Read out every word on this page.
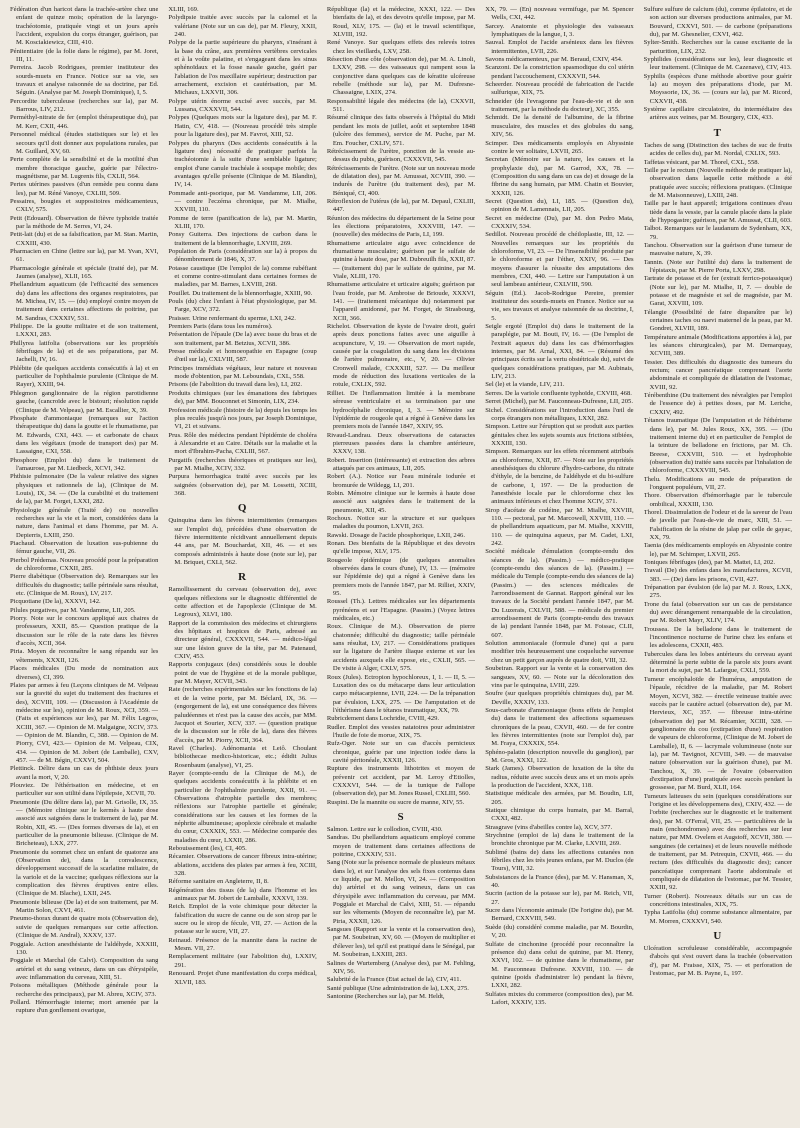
Fédération d'un haricot dans la trachée-artère chez une enfant de quinze mois; opération de la laryngo-trachéotomie, pratiquée vingt et un jours après l'accident, expulsion du corps étranger, guérison, par M. Kosciakiewicz, CIII, 410.

Pénitentiaire (de la folie dans le régime), par M. Joret, III, 11.

Perreira. Jacob Rodrigues, premier instituteur des sourds-muets en France. Notice sur sa vie, ses travaux et analyse raisonnée de sa doctrine, par Ed. Séguin. (Analyse par M. Joseph Dominique), I, 5.

Percordite tuberculeuse (recherches sur la), par M. Barrous, LIV, 212.

Perméthyl-nitrate de fer (emploi thérapeutique du), par M. Kerr, CXII, 446.

Personnel médical (études statistiques sur le) et les secours qu'il doit donner aux populations rurales, par M. Guillard, XV, 60.

Perte complète de la sensibilité et de la motilité d'un membre thoracique gauche, guérie par l'électro-magnétisme, par M. Lugrenis fils, CXLII, 564.

Pertes utérines passives (d'un remède peu connu dans les), par M. Réné Vanoye, CXLIII, 509.

Pessaires, bougies et suppositoires médicamenteux, CXLV, 575.

Petit (Edouard). Observation de fièvre typhoïde traitée par la méthode de M. Serres, VI, 24.

Petit-lait (du) et de sa falsification, par M. Stan. Martin, CXXIII, 430.

Pharmacien en Chine (lettre sur la), par M. Yvan, XVI, 61.

Pharmacologie générale et spéciale (traité de), par M. Jaumes (analyse), XLII, 165.

Phellandrium aquaticum (de l'efficacité des semences du) dans les affections des organes respiratoires, par M. Michea, IV, 15. — (du) employé contre moyen de traitement dans certaines affections de poitrine, par M. Sandras, CXXXIV, 531.

Philippe. De la goutte militaire et de son traitement, LXXXI, 283.

Phillyrea latifolia (observations sur les propriétés fébrifuges de la) et de ses préparations, par M. Jachelli, IV, 16.

Phlébite (de quelques accidents consécutifs à la) et en particulier de l'ophthalmie purulente (Clinique de M. Rayer), XXIII, 94.

Phlegmon ganglionnaire de la région parotidienne gauche, (cancroïde avec le bistouri; résolution rapide (Clinique de M. Velpeau), par M. Escallier, X, 39.

Phosphate d'ammoniaque (remarques sur l'action thérapeutique du) dans la goutte et le rhumatisme, par M. Edwards, CXI, 443. — et carbonate de chaux dans les végétaux (mode de transport des) par M. Lassaigne, CXI, 558.

Phosphore (Emploi du) dans le traitement de l'amaurose, par M. Liedbeck, XCVI, 342.

Phthisie pulmonaire (De la valeur relative des signes physiques et rationnels de la), (Clinique de M. Louis), IX, 34. — (De la curabilité et du traitement de la), par M. Forget, LXXI, 282.

Physiologie générale (Traité de) ou nouvelles recherches sur la vie et la mort, considérées dans la nature, dans l'animal et dans l'homme, par M. A. Depierris, LXIII, 250.

Piachaud. Observation de luxation sus-pubienne du fémur gauche, VII, 26.

Pierbol Prédemas. Nouveau procédé pour la préparation de chloroforme, CXXII, 285.

Pierre diabétique (Observation de). Remarques sur les difficultés du diagnostic; taille périnéale sans résultat, etc. (Clinique de M. Roux), LV, 217.

Picquotiane (De la), XXXVI, 142.

Pilules purgatives, par M. Vandamme, LII, 205.

Piorry. Note sur le concours appliqué aux chaires de professeurs, XXII, 85.— Question pratique de la discussion sur le rôle de la rate dans les fièvres d'accès, XCII, 364.

Piria. Moyen de reconnaître le sang répandu sur les vêtements, XXXII, 126.

Places médicales (Du mode de nomination aux diverses), CI, 399.

Plaies par armes à feu (Leçons cliniques de M. Velpeau sur la gravité du sujet du traitement des fractures et des), XCVIII, 109. — (Discussion à l'Académie de médecine sur les), opinion de M. Roux, XCI, 359. — (Faits et expériences sur les), par M. Félix Legros, XCIII, 367. — Opinion de M. Malgaigne, XCIV, 373. — Opinion de M. Blandin, C, 388. — Opinion de M. Piorry, CVI, 423.— Opinion de M. Velpeau, CIX, 434. — Opinion de M. Jobert (de Lamballe), CXV, 457. — de M. Bégin, CXXVI, 504.

Plettinck. Délire dans un cas de phthisie deux jours avant la mort, V, 20.

Plouviez. De l'éthérisation en médecine, et en particulier sur son utilité dans l'épilepsie, XCVII, 70.

Pneumonie (Du délire dans la), par M. Grisolle, IX, 35. — (Mémoire clinique sur le kermès à haute dose associé aux saignées dans le traitement de la), par M. Robin, XII, 45. — (Des formes diverses de la), et en particulier de la pneumonie bilieuse. (Clinique de M. Bricheteau), LXX, 277.

Pneumonie du sommet chez un enfant de quatorze ans (Observation de), dans la convalescence, développement successif de la scarlatine miliaire, de la variole et de la vaccine; quelques réflexions sur la complication des fièvres éruptives entre elles. (Clinique de M. Blache), LXII, 245.

Pneumonie bilieuse (De la) et de son traitement, par M. Martin Solon, CXVI, 461.

Pneumo-thorax durant de quatre mois (Observation de), suivie de quelques remarques sur cette affection. (Clinique de M. Andral), XXXV, 137.

Poggiale. Action anesthésiante de l'aldéhyde, XXXIII, 130.

Poggiale et Marchal (de Calvi). Composition du sang artériel et du sang veineux, dans un cas d'érysipèle, avec inflammation du cerveau, XIII, 51.

Poisons métalliques (Méthode générale pour la recherche des principaux), par M. Abreu, XCIV, 373.

Pollard. Hémorrhagie interne; mort amenée par la rupture d'un gonflement ovarique,

XLIII, 169.

Polydipsie traitée avec succès par la calomel et la valériane (Note sur un cas de), par M. Fleury, XXII, 240.

Polype de la partie supérieure du pharynx, s'insérant à la base du crâne, aux premières vertèbres cervicales et à la voûte palatine, et s'engageant dans les sinus sphénoïdaux et la fosse nasale gauche, guéri par l'ablation de l'os maxillaire supérieur; destruction par arrachement, excision et cautérisation, par M. Michaux, LXXVII, 306.

Polype utérin énorme excisé avec succès, par M. Lussana, CXXXVII, 544.

Polypes (Quelques mots sur la ligature des), par M. F. Hatin, CV, 418. — (Nouveau procédé très simple pour la ligature des), par M. Favrot, XIII, 52.

Polypes du pharynx (Des accidents consécutifs à la ligature des) nécessité de pratiquer parfois la trachéotomie à la suite d'une semblable ligature; emploi d'une canule trachéale à soupape mobile; des avantages qu'elle présente (Clinique de M. Blandin), IV, 14.

Pommade anti-psorique, par M. Vandamme, LII, 206. — contre l'eczéma chronique, par M. Mialhe, XXVIII, 110.

Pomme de terre (panification de la), par M. Martin, XLIII, 170.

Ponsy Guiterra. Des injections de carbon dans le traitement de la blennorrhagie, LXVIII, 269.

Population de Paris (considération sur la) à propos du dénombrement de 1846, X, 37.

Potasse caustique (De l'emploi de la) comme rubéfiant et comme contre-stimulant dans certaines formes de maladies, par M. Barnes, LXVIII, 268.

Pouillet. Du traitement de la blennorrhagie, XXIII, 90.

Pouls (du) chez l'enfant à l'état physiologique, par M. Farge, XCV, 372.

Praisser. Urine renfermant du sperme, LXI, 242.

Premiers Paris (dans tous les numéros).

Présentation de l'épaule (De la) avec issue du bras et de son traitement, par M. Betzius, XCVII, 386.

Presse médicale et homoeopathie en Espagne (coup d'œil sur la), CXLVIII, 587.

Principes immédiats végétaux, leur nature et nouveau mode d'obtention, par M. Leboundais, CXL, 558.

Prisons (de l'abolition du travail dans les), LI, 202.

Produits chimiques (sur les émanations des fabriques de), par MM. Bouconnet et Simonin, LIX, 234.

Profession médicale (histoire de la) depuis les temps les plus reculés jusqu'à nos jours, par Joseph Dominique, VI, 21 et suivans.

Prus. Rôle des médecins pendant l'épidémie de choléra à Alexandrie et au Caire. Détails sur la maladie et la mort d'Ibrahim-Pacha, CXLIII, 567.

Purgatifs (recherches théoriques et pratiques sur les), par M. Mialhe, XCIV, 332.

Purpura hemorrhagica traité avec succès par les saignées (observation de), par M. Lossetti, XCIII, 368.

Q

Quinquina dans les fièvres intermittentes (remarques sur l'emploi du), précédées d'une observation de fièvre intermittente récidivant annuellement depuis 44 ans, par M. Bouchardat, XII, 46. — et ses composés administrés à haute dose (note sur le), par M. Briquet, CXLI, 562.

R

Ramollissement du cerveau (observation de), avec quelques réflexions sur le diagnostic différentiel de cette affection et de l'apoplexie (Clinique de M. Legroux), XLVI, 180.

Rapport de la commission des médecins et chirurgiens des hôpitaux et hospices de Paris, adressé au directeur général, CXXXVII, 544. — médico-légal sur une lésion grave de la tête, par M. Patenaud, CXIV, 453.

Rapports conjugaux (des) considérés sous le double point de vue de l'hygiène et de la morale publique, par M. Mayer, XCVII, 343.

Rate (recherches expérimentales sur les fonctions de la) et de la veine porte, par M. Béclard, IX, 36. — (engorgement de la), est une conséquence des fièvres paludéennes et n'est pas la cause des accès, par MM. Jacquot et Sourier, XCV, 337. — (question pratique de la discussion sur le rôle de la), dans des fièvres d'accès, par M. Piorry, XCII, 364.

Ravel (Charles). Adénomania et Leiô. Choulant bibliothecae medico-historicae, etc.; édidit Julius Rosenbaum (analyse), VI, 25.

Rayer (compte-rendu de la Clinique de M.), de quelques accidents consécutifs à la phlébite et en particulier de l'ophthalmie purulente, XXII, 91. — Observations d'atrophie partielle des membres; réflexions sur l'atrophie partielle et générale; considérations sur les causes et les formes de la néphrite albumineuse; apoplexie cérébrale et maladie du cœur, CXXXIX, 553. — Médecine comparée des maladies du cœur, LXXII, 286.

Rebouissement (les), CI, 405.

Récamier. Observations de cancer fibreux intra-utérine; ablations, accidens des plaies par armes à feu, XCIII, 328.

Réforme sanitaire en Angleterre, II, 8.

Régénération des tissus (de la) dans l'homme et les animaux par M. Jobert de Lamballe, XXXVI, 139.

Reich. Emploi de la voie chimique pour détecter la falsification du sucre de canne ou de son sirop par le sucre ou le sirop de fécule, VII, 27. — Action de la potasse sur le sucre, VII, 27.

Reinaud. Présence de la mannite dans la racine de Mesm. VII, 27.

Remplacement militaire (sur l'abolition du), LXXIV, 291.

Renouard. Projet d'une manifestation du corps médical, XLVII, 183.

République (la) et la médecine, XXXI, 122. — Des bienfaits de la), et des devoirs qu'elle impose, par M. Roud, XLV, 175. — (la) et le travail scientifique, XLVIII, 192.

René Vanoye. Sur quelques effets des relevés toires chez les vieillards, LXV, 258.

Résection d'une côte (observation de), par M. A. Linoli, LXXV, 298. — des vaisseaux qui rampent sous la conjonctive dans quelques cas de kératite ulcéreuse rebelle (méthode sur la), par M. Dufresne-Chassaigne, LXIX, 274.

Responsabilité légale des médecins (de la), CXXVII, 511.

Résumé clinique des faits observés à l'hôpital du Midi pendant les mois de juillet, août et septembre 1848 (ulcère des femmes), service de M. Puche, par M. Em. Foucher, CXLIV, 571.

Rétrécissement de l'urètre, ponction de la vessie au-dessus du pubis, guérison, CXXXVII, 545.

Rétrécissements de l'urètre. (Note sur un nouveau mode de dilatation des), par M. Amussat, XCVIII, 390. — indurés de l'urètre (du traitement des), par M. Béniqué, CI, 400.

Rétroflexion de l'utérus (de la), par M. Depaul, CXLIII, 447.

Réunion des médecins du département de la Seine pour les élections préparatoires, XXXVIII, 147. — (nouvelle) des médecins de Paris, LI, 199.

Rhumatisme articulaire aigu avec coïncidence de rhumatisme musculaire; guérison par le sulfate de quinine à haute dose, par M. Dubreuilh fils, XXII, 87. — (traitement du) par le sulfate de quinine, par M. Viale, XLIII, 170.

Rhumatisme articulaire et urticaire aiguës; guérison par l'eau froide, par M. Ambroise de Brioude, XXXVI, 141. — (traitement mécanique du) notamment par l'appareil amidonné, par M. Forget, de Strasbourg, XCII, 366.

Richelot. Observation de kyste de l'ovaire droit, guéri après deux ponctions faites avec une aiguille à acupuncture, V, 19. — Observation de mort rapide, causée par la coagulation du sang dans les divisions de l'artère pulmonaire, etc., V, 20. — Olivier Cronwell malade, CXXXIII, 527. — Du meilleur mode de réduction des luxations verticales de la rotule, CXLIX, 592.

Rilliet. De l'inflammation limitée à la membrane séreuse ventriculaire et sa terminaison par une hydrocéphalie chronique, I, 3. — Mémoire sur l'épidémie de rougeole qui a régné à Genève dans les premiers mois de l'année 1847, XXIV, 95.

Rivaud-Landrau. Deux observations de cataractes pierreuses passées dans la chambre antérieure, XXXV, 138.

Robert. Insertion (intéressante) et extraction des arbres attaqués par ces animaux, LII, 205.

Robert (A.). Notice sur l'eau minérale iodurée et bromurée de Wildegg, LI, 201.

Robin. Mémoire clinique sur le kermès à haute dose associé aux saignées dans le traitement de la pneumonie, XII, 45.

Rochoux. Notice sur la structure et sur quelques maladies du poumon, LXVII, 263.

Rawski. Dosage de l'acide phosphorique, LXII, 246.

Ronan. Des bienfaits de la République et des devoirs qu'elle impose, XLV, 175.

Rougeole épidémique (de quelques anomalies observées dans le cours d'une), IV, 13. — (mémoire sur l'épidémie de) qui a régné à Genève dans les premiers mois de l'année 1847, par M. Rilliet, XXIV, 95.

Roussel (Th.). Lettres médicales sur les départements pyrénéens et sur l'Espagne. (Passim.) (Voyez lettres médicales, etc.)

Roux. Clinique de M.). Observation de pierre chatonnée; difficulté du diagnostic; taille périnéale sans résultat, LV, 217. — Considérations pratiques sur la ligature de l'artère iliaque externe et sur les accidents auxquels elle expose, etc., CXLII, 565. — De visite à Alger, CXLV, 575.

Roux (Jules). Ectropion hypochloreux, I, 1. — II, 5. — Luxation des os du métacarpe dans leur articulation carpo métacarpienne, LVII, 224. — De la trépanation par évulsion, LXX, 275. — De l'amputation et de l'éthérisme dans le tétanos traumatique, XX, 79.

Rubricdement dans Lochridie, CVIII, 429.

Rudler. Emploi des vessies natatoires pour administrer l'huile de foie de morue, XIX, 75.

Rufz-Oger. Note sur un cas d'accès pernicieux chronique, guérie par une injection iodée dans la cavité péritonéale, XXXII, 126.

Rupture des instruments lithotrites et moyen de prévenir cet accident, par M. Leroy d'Etiolles, CXXXVI, 544. — de la tunique de Fallope (observation de), par M. Jones Russel, CXLIII, 560.

Ruspini. De la mannite ou sucre de manne, XIV, 55.

S

Salmon. Lettre sur le collodion, CVIII, 430.

Sandras. Du phellandrium aquaticum employé comme moyen de traitement dans certaines affections de poitrine, CXXXIV, 531.

Sang (Note sur la présence normale de plusieurs métaux dans le), et sur l'analyse des sels fixes contenus dans ce liquide, par M. Mellon, VI, 24. — (Composition du) artériel et du sang veineux, dans un cas d'érysipèle avec inflammation du cerveau, par MM. Poggiale et Marchal de Calvi, XIII, 51. — répandu sur les vêtements (Moyen de reconnaître le), par M. Piria, XXXII, 126.

Sangsues (Rapport sur la vente et la conservation des), par M. Soubeiran, XV, 60. — (Moyen de multiplier et d'élever les), tel qu'il est pratiqué dans le Sénégal, par M. Soubeiran, LXXIII, 283.

Salines de Wurtemberg (Analyse des), par M. Fehling, XIV, 56.

Salubrité de la France (Etat actuel de la), CIV, 411.

Santé publique (Une administration de la), LXX, 275.

Santonine (Recherches sur la), par M. Heldt,

XX, 79. — (En) nouveau vermifuge, par M. Spencer Wells, CXI, 442.

Sarcey. Anatomie et physiologie des vaisseaux lymphatiques de la langue, I, 3.

Sauval. Emploi de l'acide arsénieux dans les fièvres intermittentes, LVII, 226.

Savons médicamenteux, par M. Beraud, CXIV, 454.

Scanzoni. De la constriction spasmodique du col utérin pendant l'accouchement, CXXXVII, 544.

Scheerder. Nouveau procédé de fabrication de l'acide sulfurique, XIX, 75.

Schneider (de l'evragonne par l'eau-de-vie et de son traitement, par la méthode du docteur), XC, 355.

Schmidt. De la densité de l'albumine, de la fibrine musculaire, des muscles et des globules du sang, XIV, 56.

Scimper. Des médicaments employés en Abyssinie contre le ver solitaire, LXVII, 265.

Secretan (Mémoire sur la nature, les causes et la prophylaxie du), par M. Garrod, XX, 78. — (Composition du sang dans un cas de) et dosage de la fibrine du sang humain, par MM. Chatin et Bouvier, XXXII, 126.

Secret (Question du), LI, 185. — (Question du), opinion de M. Lamennais, LII, 205.

Secret en médecine (Du), par M. don Pedro Mata, CXXXIV, 534.

Sedillot. Nouveau procédé de chéiloplastie, III, 12. — Nouvelles remarques sur les propriétés du chloroforme, VI, 23. — De l'insensibilité produite par le chloroforme et par l'éther, XXIV, 96. — Des moyens d'assurer la réussite des amputations des membres, CXI, 440. — Lettre sur l'amputation à un seul lambeau antérieur, CXLVIII, 590.

Séguin (Ed.). Jacob-Rodrigue Pereire, premier instituteur des sourds-muets en France. Notice sur sa vie, ses travaux et analyse raisonnée de sa doctrine, I, 5.

Seigle ergoté (Emploi du) dans le traitement de la paraplégie, par M. Bouti, IV, 16. — (De l'emploi de l'extrait aqueux du) dans les cas d'hémorrhagies internes, par M. Arnal, XXI, 84. — (Résumé des principaux écrits sur la vertu obstétricale du), suivi de quelques considérations pratiques, par M. Aubinais, LIV, 213.

Sel (le) et la viande, LIV, 211.

Serres. De la variole confluente typhoïde, CXVIII, 468.

Serret (Michel), par M. Fauconneau-Dufresne, LII, 205.

Sichel. Considérations sur l'introduction dans l'œil de corps étrangers non métalliques, LXXI, 282.

Simpson. Lettre sur l'éruption qui se produit aux parties génitales chez les sujets soumis aux frictions stibiées, XXXIII, 130.

Simpson. Remarques sur les effets récemment attribués au chloroforme, XXII, 87. — Note sur les propriétés anesthésiques du chlorure d'hydro-carbone, du nitrate d'éthyle, de la benzine, de l'aldéhyde et du bi-sulfure de carbone, I, 197. — De la production de l'anesthésie locale par le chloroforme chez les animaux inférieurs et chez l'homme XCIV, 371.

Sirop d'acétate de codéine, par M. Mialhe, XXVIII, 110. — pectoral, par M. Marcowell, XXVIII, 110. — de phellandrium aquaticum, par M. Mialhe, XXVIII, 110. — de quinquina aqueux, par M. Cadet, LXI, 242.

Société médicale d'émulation (compte-rendu des séances de la). (Passim.) — médico-pratique (compte-rendu des séances de la). (Passim.) — médicale du Temple (compte-rendu des séances de la) (Passim.) — des sciences médicales de l'arrondissement de Gannat. Rapport général sur les travaux de la Société pendant l'année 1847, par M. Du Luzerais, CXLVII, 588. — médicale du premier arrondissement de Paris (compte-rendu des travaux de la) pendant l'année 1848, par M. Foissac, CLII, 607.

Solution ammoniacale (formule d'une) qui a paru modifier très heureusement une coqueluche survenue chez un petit garçon auprès de quatre doit, VIII, 32.

Soubeiran. Rapport sur la vente et la conservation des sangsues, XV, 60. — Note sur la décoloration des vins par le quinquina, LVIII, 229.

Soufre (sur quelques propriétés chimiques du), par M. Deville, XXXIV, 133.

Sous-carbonate d'ammoniaque (bons effets de l'emploi du) dans le traitement des affections squameuses chroniques de la peau, CXVII, 460. — de fer contre les fièvres intermittentes (note sur l'emploi du), par M. Fraya, CXXXIX, 554.

Sphéno-palatin (description nouvelle du ganglion), par M. Gros, XXXI, 122.

Stark (James). Observation de luxation de la tête du radius, réduite avec succès deux ans et un mois après la production de l'accident, XXX, 118.

Statistique médicale des armées, par M. Boudin, LII, 205.

Statique chimique du corps humain, par M. Barral, CXXI, 482.

Strasgrave (vins d'abeilles contre la), XCV, 377.

Strychnine (emploi de la) dans le traitement de la bronchite chronique par M. Clarke, LXVIII, 269.

Sublimé (bains de) dans les affections cutanées non fébriles chez les très jeunes enfans, par M. Duclos (de Tours), VIII, 32.

Subsistances de la France (des), par M. V. Hansman, X, 40.

Sucrin (action de la potasse sur le), par M. Reich, VII, 27.

Sucre dans l'économie animale (De l'origine du), par M. Bernard, CXXVIII, 549.

Suède (du) considéré comme maladie, par M. Bourdin, V, 20.

Sulfate de cinchonine (procédé pour reconnaître la présence du) dans celui de quinine, par M. Henry, XXVI, 102. — de quinine dans le rhumatisme, par M. Fauconneau Dufresne. XXVIII, 110. — de quinine (poids d'administrer le) pendant la fièvre, LXXI, 282.

Sulfates mixtes du commerce (composition des), par M. Lafort, XXXIV, 135.

Sulfure sulfure de calcium (du), comme épilatoire, et de son action sur diverses productions animales, par M. Bouvard, CXXVI, 501. — de carbone (préparations du), par M. Ghesnelier, CXVI, 462.

Sylter-Smith. Recherches sur la cause excitante de la parturition, LIX, 232.

Syphilides (considérations sur les), leur diagnostic et leur traitement. (Clinique de M. Cazenave), CIV, 413.

Syphilis (espèces d'une méthode abortive pour guérir la) au moyen des préparations d'iode, par M. Moyssorie, IX, 36. — (cours sur la), par M. Ricord, CXXVII, 438.

Système capillaire circulatoire, du intermédiaire des artères aux veines, par M. Bourgery, CIX, 433.

T

Taches de sang (Distinction des taches de suc de fruits acides de celles du), par M. Nordal, CXLIX, 593.

Taffetas vésicant, par M. Thorel, CXL, 558.

Taille par le rectum (Nouvelle méthode de pratiquer la), observation dans laquelle cette méthode a été pratiquée avec succès; réflexions pratiques. (Clinique de M. Maisonneuve), LXIII, 248.

Taille par le haut appareil; irrigations continues d'eau tiède dans la vessie, par la canule placée dans la plaie de l'hypogastre; guérison, par M. Amussat, CLII, 603.

Talbot. Remarques sur le laudanum de Sydenham, XX, 79.

Tanchou. Observation sur la guérison d'une tumeur de mauvaise nature, X, 39.

Tannin. (Note sur l'utilité du) dans la traitement de l'épistaxis, par M. Pierre Porta, LXXV, 298.

Tartrate de potasse et de fer (extrait ferrico-potassique) (Note sur le), par M. Mialhe, II, 7. — double de potasse et de magnésie et sel de magnésie, par M. Garat, XXVIII, 109.

Télangie (Possibilité de faire disparaître par le) certaines taches ou naevi maternel de la peau, par M. Gondret, XLVIII, 189.

Température animale (Modifications apportées à la), par les séances chirurgicales), par M. Demarquay, XCVIII, 389.

Tessier. Des difficultés du diagnostic des tumeurs du rectum; cancer pancréatique comprenant l'aorte abdominale et compliquée de dilatation de l'estomac, XVIII, 92.

Térébenthine (Du traitement des névralgies par l'emploi de l'essence de) à petites doses, par M. Leriche, CXXIV, 492.

Tétanos traumatique (De l'amputation et de l'éthérisme dans le), par M. Jules Roux, XX, 395. — (Du traitement interne du) et en particulier de l'emploi de la teinture de belladone en frictions, par M. Ch. Breese, CXXVIII, 510. — et hydrophobie (observation du) traitée sans succès par l'inhalation de chloroforme, CXXXVIII, 545.

Thelu. Modifications au mode de préparation de l'onguent populéum, VII, 27.

Thore. Observation d'hémorrhagie par le tubercule ombilical, XXXIII, 130.

Thorel. Dissimulation de l'odeur et de la saveur de l'eau de javelle par l'eau-de-vie de marc, XIII, 51. — Falsification de la résine de jalap par celle de gayac, XX, 79.

Taenia (des médicaments employés en Abyssinie contre le), par M. Schimper, LXVII, 265.

Toniques fébrifuges (des), par M. Mattei, LI, 202.

Travail (De) des enfans dans les manufactures, XCVII, 383. — (De) dans les prisons, CVII, 427.

Trépanation par évulsion (de la) par M. J. Roux, LXX, 275.

Trone du fatal (observation sur un cas de persistance du) avec dérangement remarquable de la circulation, par M. Robert Mayr, XLIV, 174.

Troussea. De la belladone dans le traitement de l'incontinence nocturne de l'urine chez les enfans et les adolescens, CXXII, 483.

Tubercules dans les lobes antérieurs du cerveau ayant déterminé la perte subite de la parole six jours avant la mort du sujet, par M. Lafargue, CXLI, 559.

Tumeur encéphaloïde de l'humérus, amputation de l'épaule, récidive de la maladie, par M. Robert Moyen, XCVI, 382. — érectile veineuse traitée avec succès par le cautère actuel (observation de), par M. Hervieux, XC, 357. — fibreuse intra-utérine (observation de) par M. Récamier, XCIII, 328. — ganglionnaire du cou (extirpation d'une) respiration de vapeurs de chloroforme, (Clinique de M. Jobert de Lamballe), II, 6. — lacrymale volumineuse (note sur la), par M. Tavignot, XCVIII, 349. — de mauvaise nature (observation sur la guérison d'une), par M. Tanchou, X, 39. — de l'ovaire (observation d'extirpation d'une) pratiquée avec succès pendant la grossesse, par M. Burd, XLII, 164.

Tumeurs laiteuses du sein (quelques considérations sur l'origine et les développemens des), CXIV, 432. — de l'orbite (recherches sur le diagnostic et le traitement des), par M. O'Ferral, VII, 25. — particulières de la main (enchondromes) avec des recherches sur leur nature, par MM. Ovelem et Augstoff, XCVII, 380. — sanguines (de certaines) et de leurs nouvelle méthode de traitement, par M. Petrequin, CXVII, 466. — du rectum (des difficultés du diagnostic des); cancer pancréatique comprenant l'aorte abdominale et compliquée de dilatation de l'estomac, par M. Tessier, XXIII, 92.

Turner (Robert). Nouveaux détails sur un cas de concrétions intestinales, XIX, 75.

Typha Latifolia (du) comme substance alimentaire, par M. Morren, CXXXVI, 540.

U

Ulcération scrofuleuse considérable, accompagnée d'abcès qui s'est ouvert dans la trachée (observation d'), par M. Fraisse, XIX, 75. — et perforation de l'estomac, par M. B. Payne, L, 197.
